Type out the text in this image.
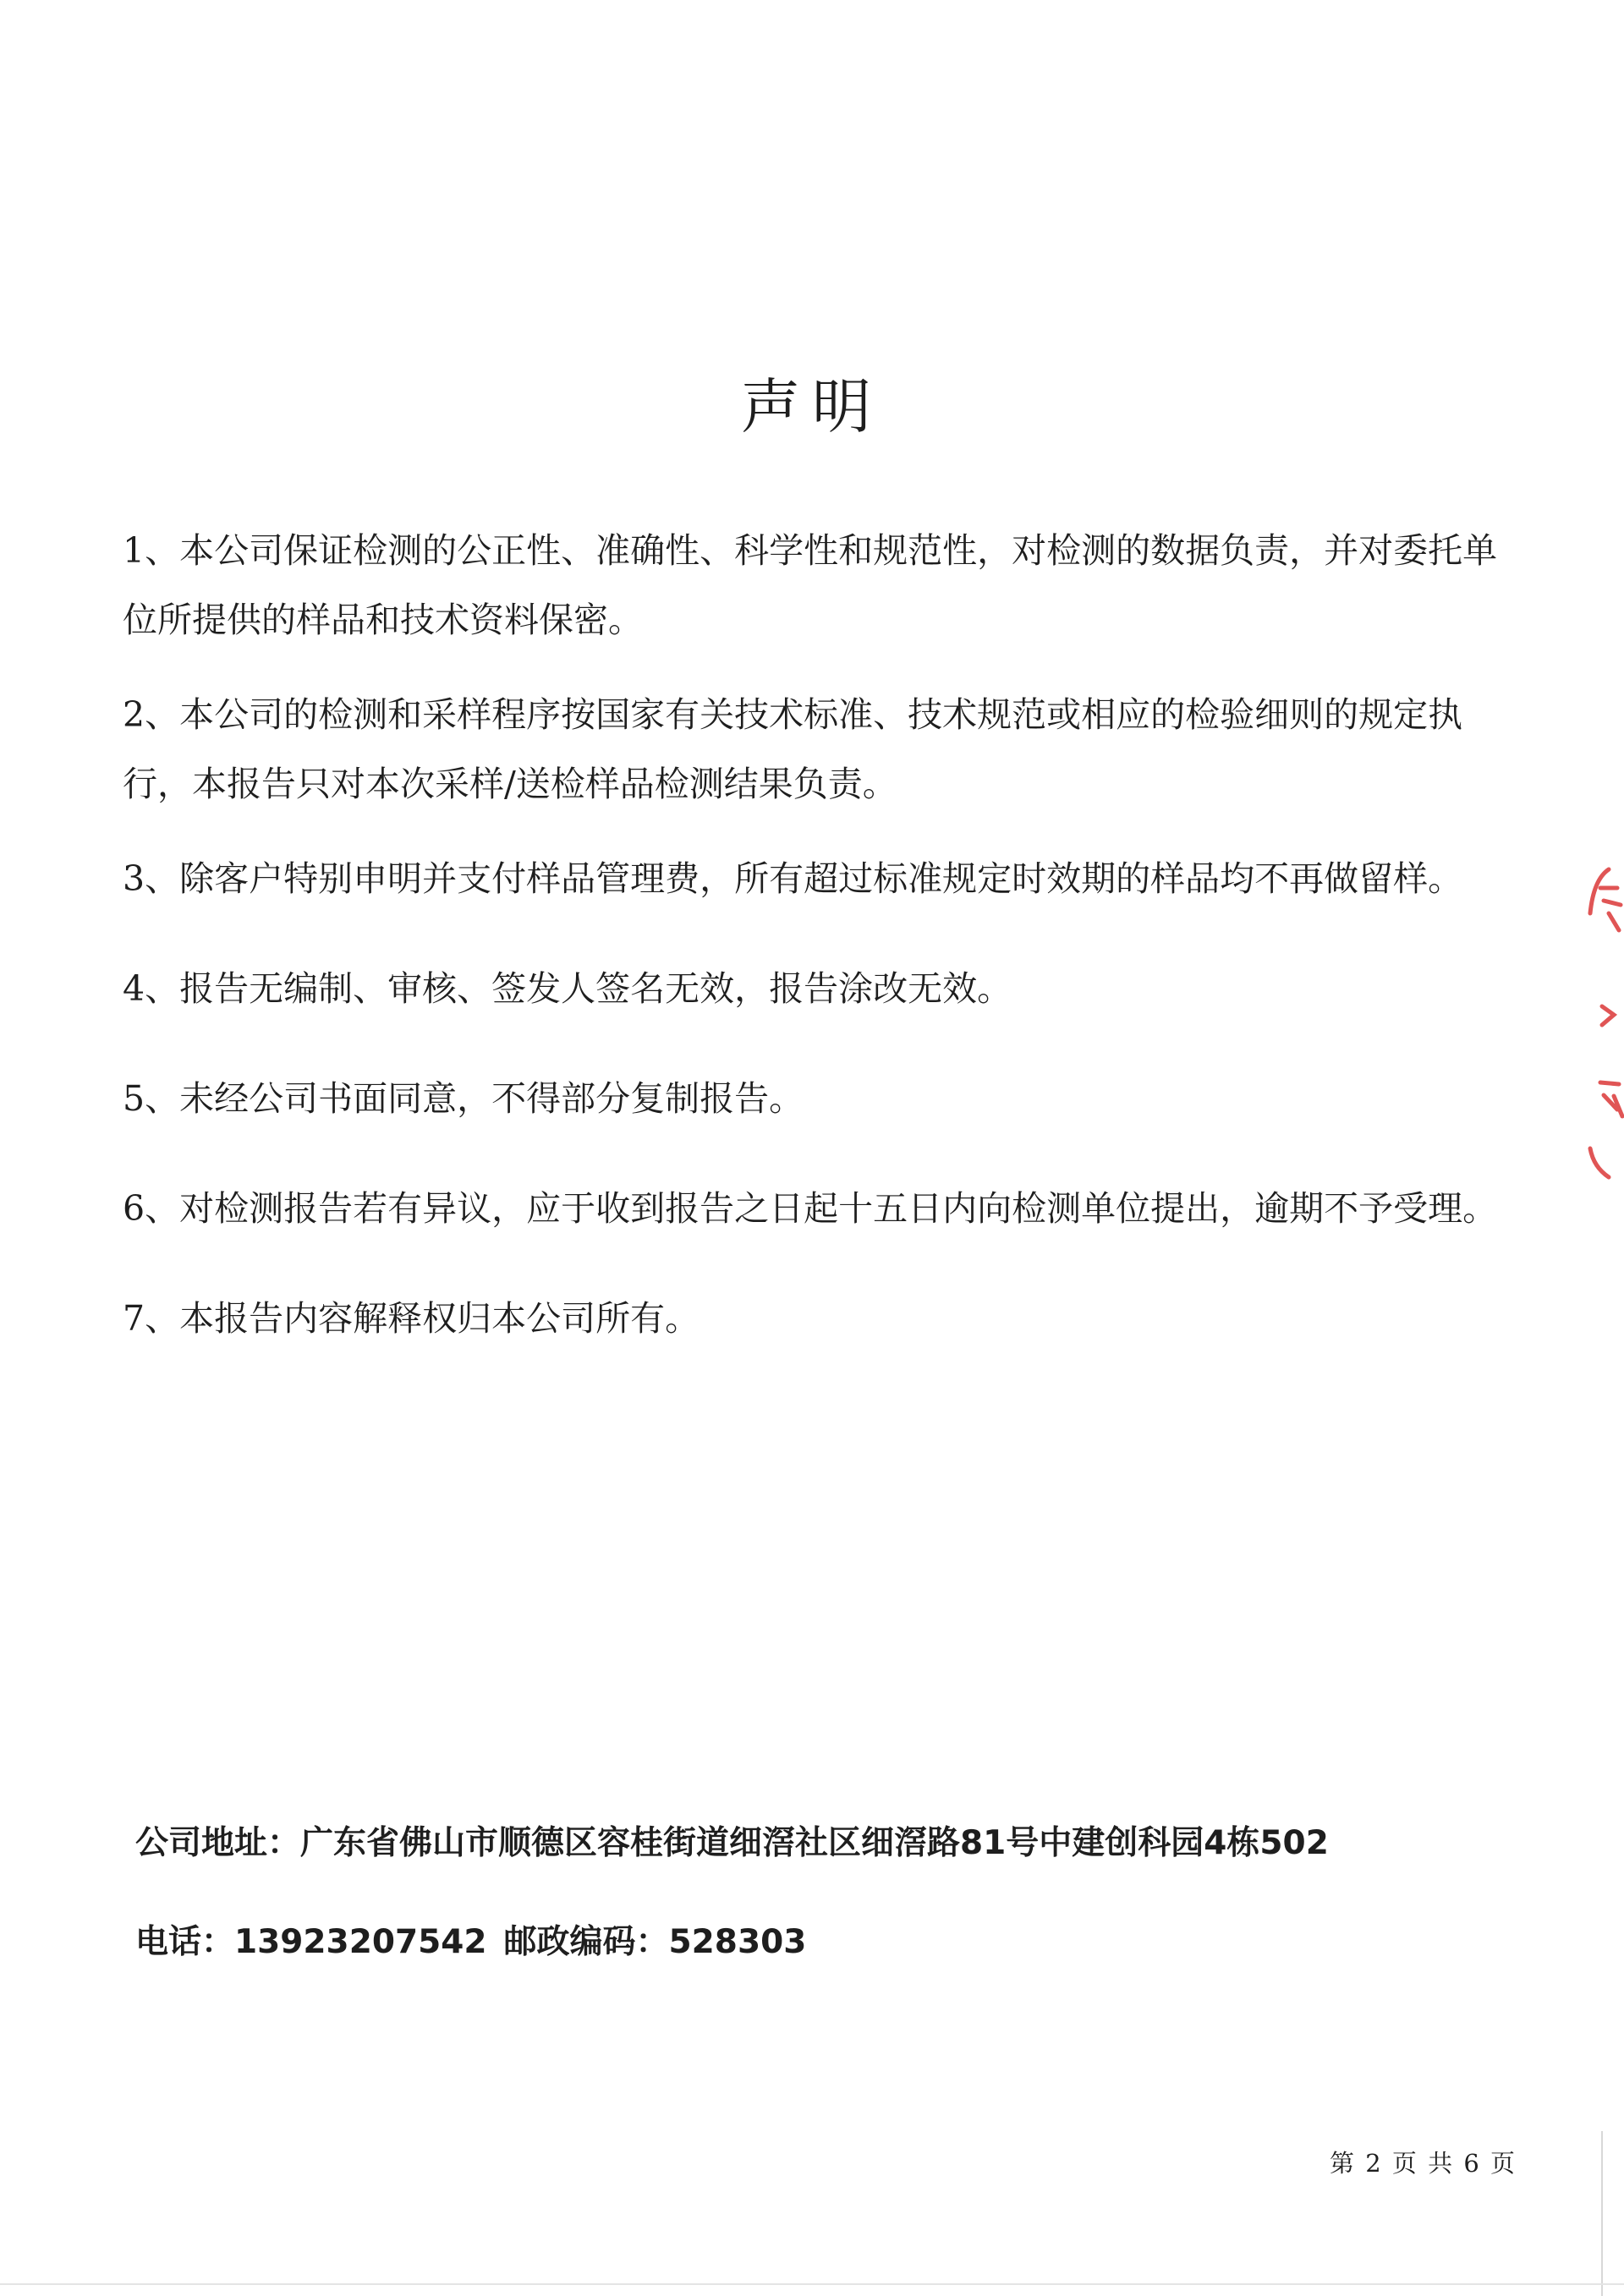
声明

1、本公司保证检测的公正性、准确性、科学性和规范性，对检测的数据负责，并对委托单位所提供的样品和技术资料保密。

2、本公司的检测和采样程序按国家有关技术标准、技术规范或相应的检验细则的规定执行，本报告只对本次采样/送检样品检测结果负责。

3、除客户特别申明并支付样品管理费，所有超过标准规定时效期的样品均不再做留样。

4、报告无编制、审核、签发人签名无效，报告涂改无效。

5、未经公司书面同意，不得部分复制报告。

6、对检测报告若有异议，应于收到报告之日起十五日内向检测单位提出，逾期不予受理。

7、本报告内容解释权归本公司所有。

公司地址：广东省佛山市顺德区容桂街道细滘社区细滘路81号中建创科园4栋502
电话：13923207542 邮政编码：528303
第 2 页 共 6 页
